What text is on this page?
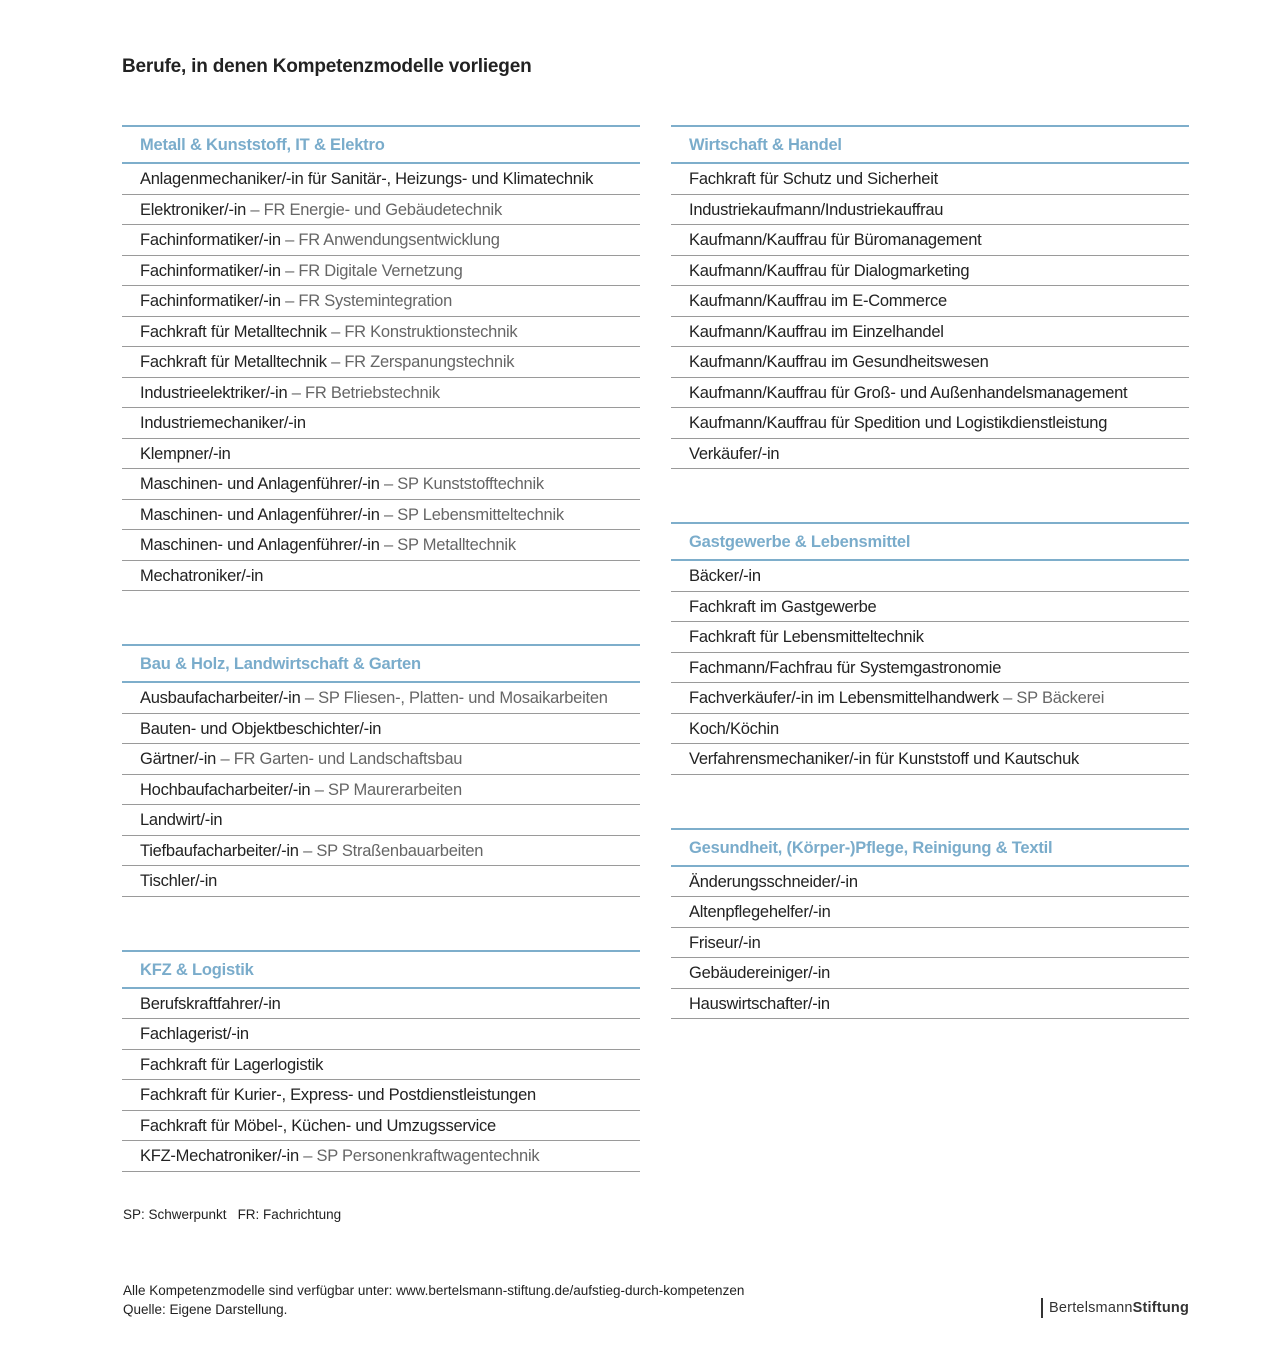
Berufe, in denen Kompetenzmodelle vorliegen
Metall & Kunststoff, IT & Elektro
Anlagenmechaniker/-in für Sanitär-, Heizungs- und Klimatechnik
Elektroniker/-in – FR Energie- und Gebäudetechnik
Fachinformatiker/-in – FR Anwendungsentwicklung
Fachinformatiker/-in – FR Digitale Vernetzung
Fachinformatiker/-in – FR Systemintegration
Fachkraft für Metalltechnik – FR Konstruktionstechnik
Fachkraft für Metalltechnik – FR Zerspanungstechnik
Industrieelektriker/-in – FR Betriebstechnik
Industriemechaniker/-in
Klempner/-in
Maschinen- und Anlagenführer/-in – SP Kunststofftechnik
Maschinen- und Anlagenführer/-in – SP Lebensmitteltechnik
Maschinen- und Anlagenführer/-in – SP Metalltechnik
Mechatroniker/-in
Bau & Holz, Landwirtschaft & Garten
Ausbaufacharbeiter/-in – SP Fliesen-, Platten- und Mosaikarbeiten
Bauten- und Objektbeschichter/-in
Gärtner/-in – FR Garten- und Landschaftsbau
Hochbaufacharbeiter/-in – SP Maurerarbeiten
Landwirt/-in
Tiefbaufacharbeiter/-in – SP Straßenbauarbeiten
Tischler/-in
KFZ & Logistik
Berufskraftfahrer/-in
Fachlagerist/-in
Fachkraft für Lagerlogistik
Fachkraft für Kurier-, Express- und Postdienstleistungen
Fachkraft für Möbel-, Küchen- und Umzugsservice
KFZ-Mechatroniker/-in – SP Personenkraftwagentechnik
Wirtschaft & Handel
Fachkraft für Schutz und Sicherheit
Industriekaufmann/Industriekauffrau
Kaufmann/Kauffrau für Büromanagement
Kaufmann/Kauffrau für Dialogmarketing
Kaufmann/Kauffrau im E-Commerce
Kaufmann/Kauffrau im Einzelhandel
Kaufmann/Kauffrau im Gesundheitswesen
Kaufmann/Kauffrau für Groß- und Außenhandelsmanagement
Kaufmann/Kauffrau für Spedition und Logistikdienstleistung
Verkäufer/-in
Gastgewerbe & Lebensmittel
Bäcker/-in
Fachkraft im Gastgewerbe
Fachkraft für Lebensmitteltechnik
Fachmann/Fachfrau für Systemgastronomie
Fachverkäufer/-in im Lebensmittelhandwerk – SP Bäckerei
Koch/Köchin
Verfahrensmechaniker/-in für Kunststoff und Kautschuk
Gesundheit, (Körper-)Pflege, Reinigung & Textil
Änderungsschneider/-in
Altenpflegehelfer/-in
Friseur/-in
Gebäudereiniger/-in
Hauswirtschafter/-in
SP: Schwerpunkt FR: Fachrichtung
Alle Kompetenzmodelle sind verfügbar unter: www.bertelsmann-stiftung.de/aufstieg-durch-kompetenzen
Quelle: Eigene Darstellung.	BertelsmannStiftung
